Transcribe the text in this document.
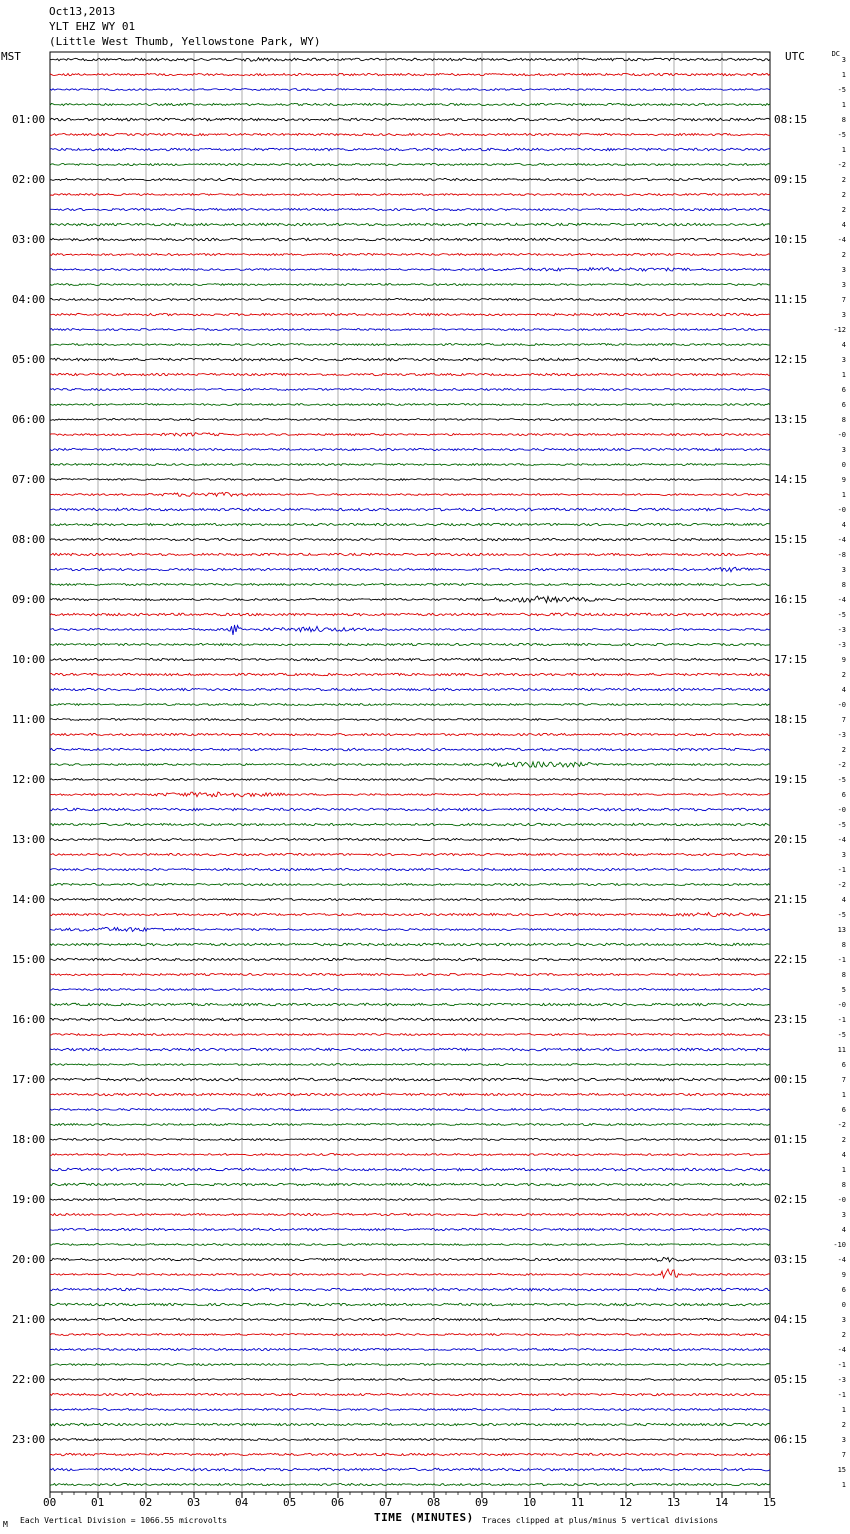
Oct13,2013
YLT EHZ WY 01
(Little West Thumb, Yellowstone Park, WY)
MST	UTC	DC
01:00
02:00
03:00
04:00
05:00
06:00
07:00
08:00
09:00
10:00
11:00
12:00
13:00
14:00
15:00
16:00
17:00
18:00
19:00
20:00
21:00
22:00
23:00
08:15
09:15
10:15
11:15
12:15
13:15
14:15
15:15
16:15
17:15
18:15
19:15
20:15
21:15
22:15
23:15
00:15
01:15
02:15
03:15
04:15
05:15
06:15
3
1
-5
1
8
-5
1
-2
2
2
2
4
-4
2
3
3
7
3
-12
4
3
1
6
6
8
-0
3
0
9
1
-0
4
-4
-8
3
8
-4
-5
-3
-3
9
2
4
-0
7
-3
2
-2
-5
6
-0
-5
-4
3
-1
-2
4
-5
13
8
-1
8
5
-0
-1
-5
11
6
7
1
6
-2
2
4
1
8
-0
3
4
-10
-4
9
6
0
3
2
-4
-1
-3
-1
1
2
3
7
15
1
00	01	02	03	04	05	06	07	08	09	10	11	12	13	14	15
M Each Vertical Division = 1066.55 microvolts	TIME (MINUTES) Traces clipped at plus/minus 5 vertical divisions
